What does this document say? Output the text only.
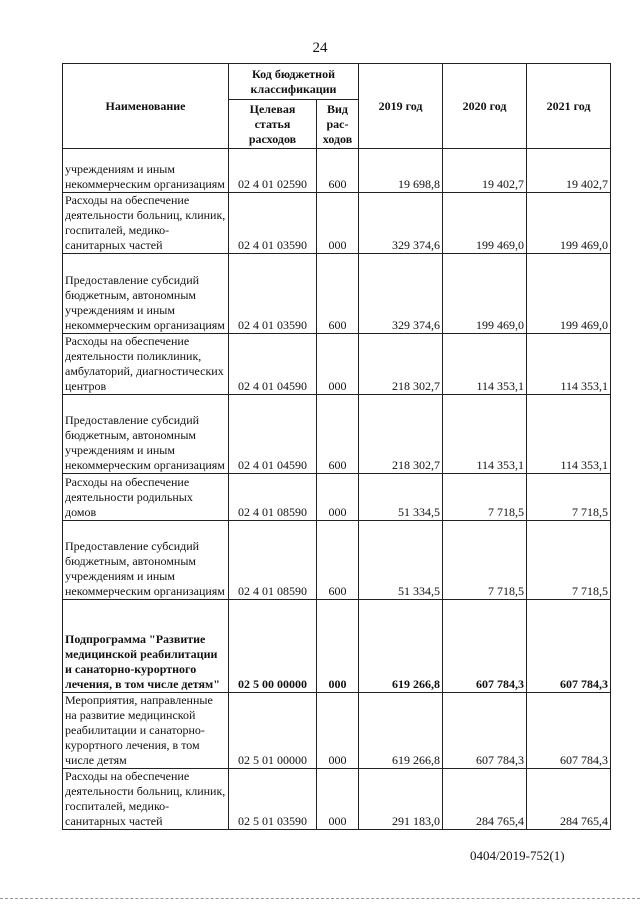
24
Наименование	Код бюджетной классификации		2019 год	2020 год	2021 год
	Целевая статья расходов	Вид рас- ходов			
учреждениям и иным некоммерческим организациям	02 4 01 02590	600	19 698,8	19 402,7	19 402,7
Расходы на обеспечение деятельности больниц, клиник, госпиталей, медико-санитарных частей	02 4 01 03590	000	329 374,6	199 469,0	199 469,0
Предоставление субсидий бюджетным, автономным учреждениям и иным некоммерческим организациям	02 4 01 03590	600	329 374,6	199 469,0	199 469,0
Расходы на обеспечение деятельности поликлиник, амбулаторий, диагностических центров	02 4 01 04590	000	218 302,7	114 353,1	114 353,1
Предоставление субсидий бюджетным, автономным учреждениям и иным некоммерческим организациям	02 4 01 04590	600	218 302,7	114 353,1	114 353,1
Расходы на обеспечение деятельности родильных домов	02 4 01 08590	000	51 334,5	7 718,5	7 718,5
Предоставление субсидий бюджетным, автономным учреждениям и иным некоммерческим организациям	02 4 01 08590	600	51 334,5	7 718,5	7 718,5
Подпрограмма "Развитие медицинской реабилитации и санаторно-курортного лечения, в том числе детям"	02 5 00 00000	000	619 266,8	607 784,3	607 784,3
Мероприятия, направленные на развитие медицинской реабилитации и санаторно-курортного лечения, в том числе детям	02 5 01 00000	000	619 266,8	607 784,3	607 784,3
Расходы на обеспечение деятельности больниц, клиник, госпиталей, медико-санитарных частей	02 5 01 03590	000	291 183,0	284 765,4	284 765,4
0404/2019-752(1)
